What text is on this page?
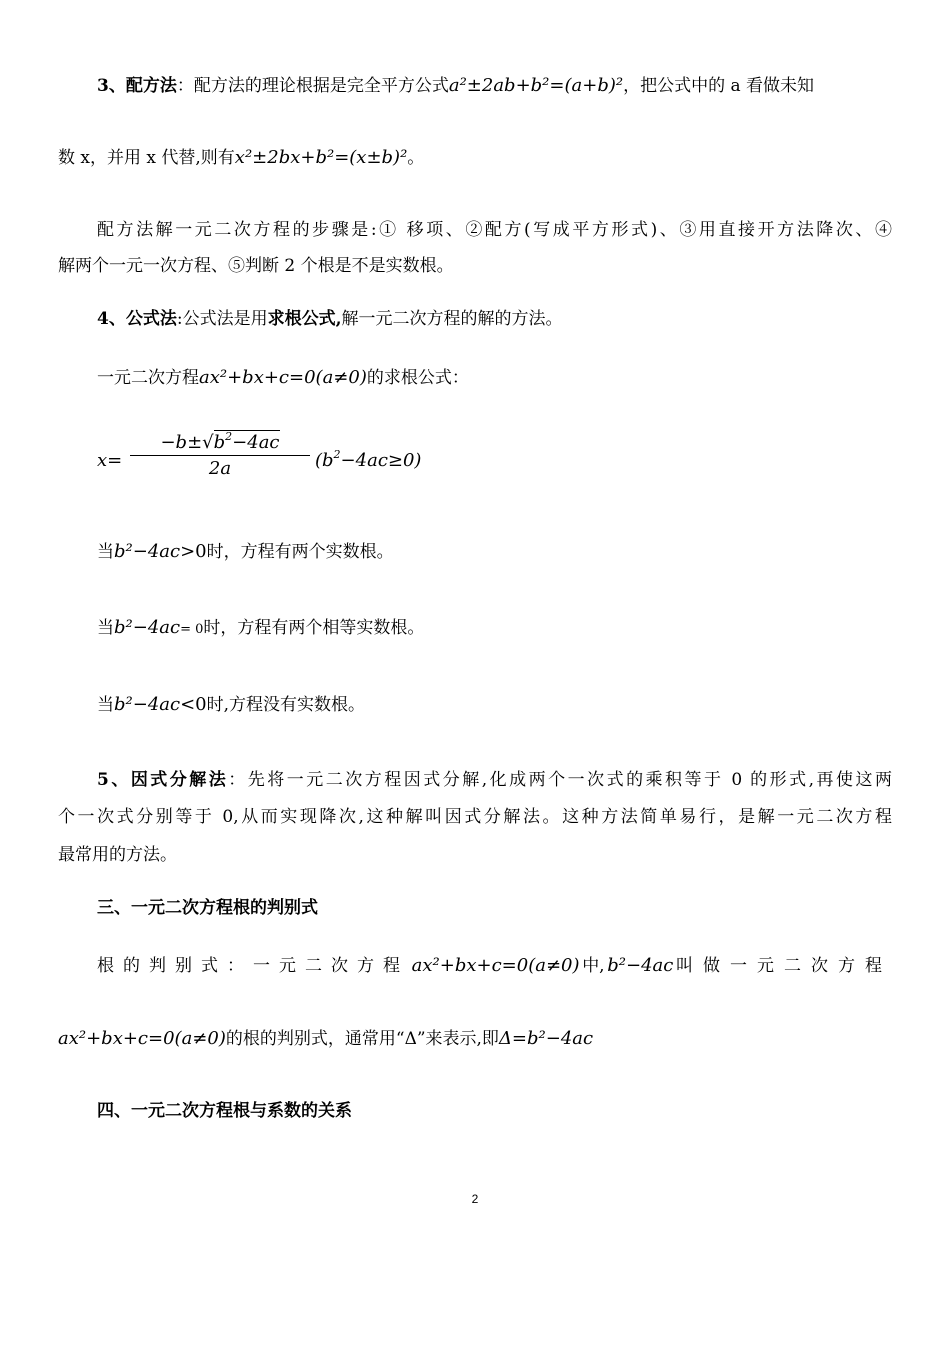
3、配方法：配方法的理论根据是完全平方公式a²±2ab+b²=(a+b)²，把公式中的 a 看做未知
数 x，并用 x 代替,则有x²±2bx+b²=(x±b)²。
配方法解一元二次方程的步骤是:① 移项、②配方(写成平方形式)、③用直接开方法降次、④
解两个一元一次方程、⑤判断 2 个根是不是实数根。
4、公式法:公式法是用求根公式,解一元二次方程的解的方法。
一元二次方程ax²+bx+c=0(a≠0)的求根公式：
$x= \frac{-b\pm√b^2-4ac}{2a} (b^2-4ac\ge 0)$
当b²−4ac>0时，方程有两个实数根。
当b²−4ac= 0时，方程有两个相等实数根。
当b²−4ac<0时,方程没有实数根。
5、因式分解法：先将一元二次方程因式分解,化成两个一次式的乘积等于 0 的形式,再使这两
个一次式分别等于 0,从而实现降次,这种解叫因式分解法。这种方法简单易行，是解一元二次方程
最常用的方法。
三、一元二次方程根的判别式
根的判别式：一元二次方程 ax²+bx+c=0(a≠0) 中, b²−4ac 叫做一元二次方程
ax²+bx+c=0(a≠0)的根的判别式，通常用“Δ”来表示,即Δ=b²−4ac
四、一元二次方程根与系数的关系
2
